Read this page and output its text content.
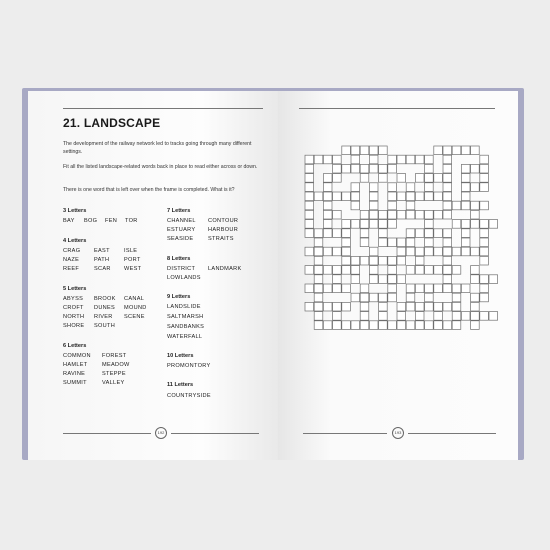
21. LANDSCAPE
The development of the railway network led to tracks going through many different settings.
Fit all the listed landscape-related words back in place to read either across or down.
There is one word that is left over when the frame is completed. What is it?
3 Letters
BAY BOG FEN TOR
4 Letters
CRAG EAST	ISLE
NAZE	PATH	PORT
REEF	SCAR WEST
5 Letters
ABYSS BROOK CANAL
CROFT DUNES MOUND
NORTH RIVER SCENE
SHORE SOUTH
6 Letters
COMMON FOREST
HAMLET	MEADOW
RAVINE	STEPPE
SUMMIT	VALLEY
7 Letters
CHANNEL CONTOUR
ESTUARY HARBOUR
SEASIDE	STRAITS
8 Letters
DISTRICT LANDMARK
LOWLANDS
9 Letters
LANDSLIDE
SALTMARSH
SANDBANKS
WATERFALL
10 Letters
PROMONTORY
11 Letters
COUNTRYSIDE
192	193
